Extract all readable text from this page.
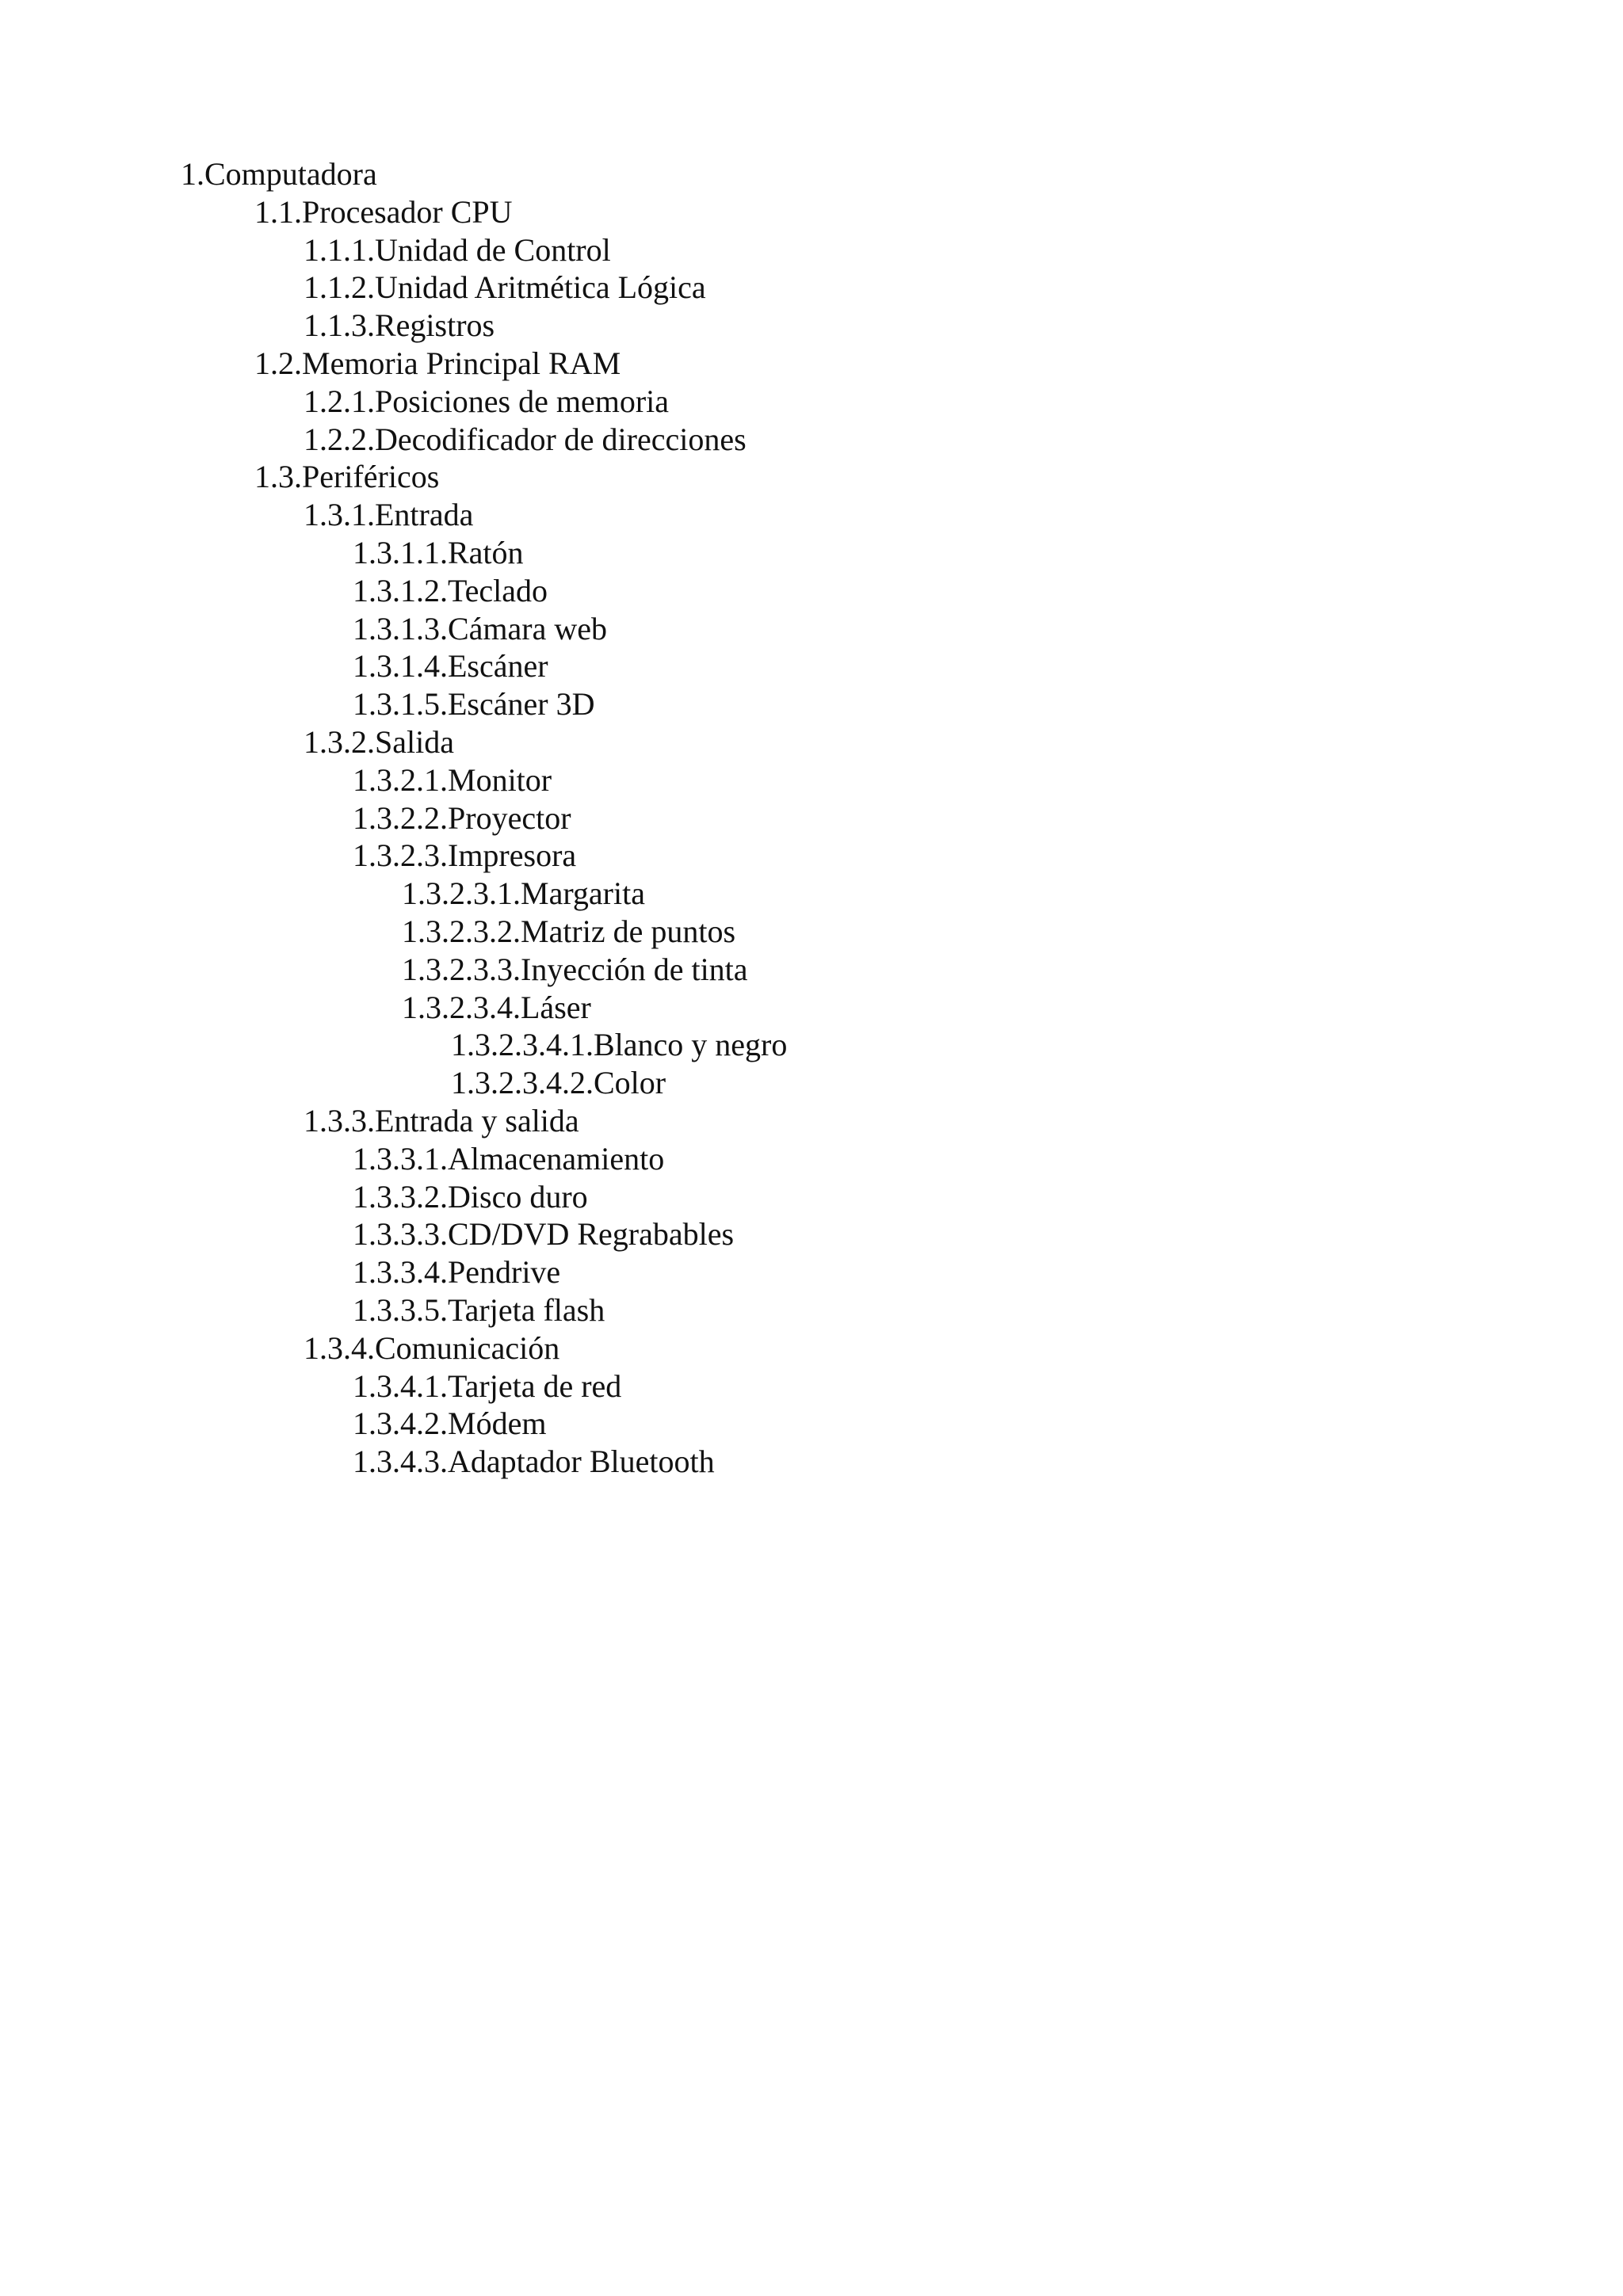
1.Computadora
1.1.Procesador CPU
1.1.1.Unidad de Control
1.1.2.Unidad Aritmética Lógica
1.1.3.Registros
1.2.Memoria Principal RAM
1.2.1.Posiciones de memoria
1.2.2.Decodificador de direcciones
1.3.Periféricos
1.3.1.Entrada
1.3.1.1.Ratón
1.3.1.2.Teclado
1.3.1.3.Cámara web
1.3.1.4.Escáner
1.3.1.5.Escáner 3D
1.3.2.Salida
1.3.2.1.Monitor
1.3.2.2.Proyector
1.3.2.3.Impresora
1.3.2.3.1.Margarita
1.3.2.3.2.Matriz de puntos
1.3.2.3.3.Inyección de tinta
1.3.2.3.4.Láser
1.3.2.3.4.1.Blanco y negro
1.3.2.3.4.2.Color
1.3.3.Entrada y salida
1.3.3.1.Almacenamiento
1.3.3.2.Disco duro
1.3.3.3.CD/DVD Regrabables
1.3.3.4.Pendrive
1.3.3.5.Tarjeta flash
1.3.4.Comunicación
1.3.4.1.Tarjeta de red
1.3.4.2.Módem
1.3.4.3.Adaptador Bluetooth
